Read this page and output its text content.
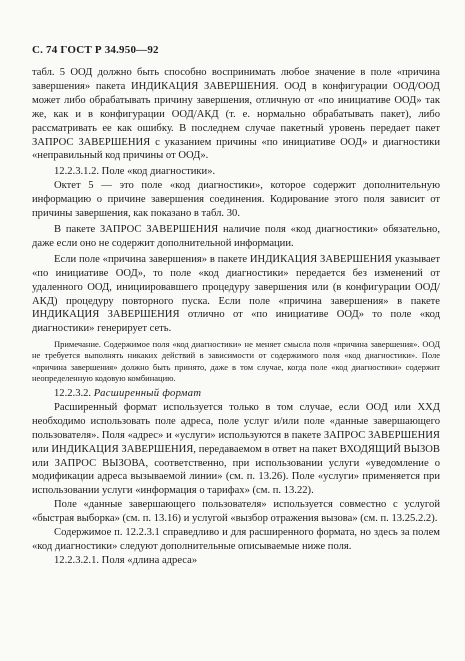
С. 74 ГОСТ Р 34.950—92

табл. 5 ООД должно быть способно воспринимать любое значение в поле «причина завершения» пакета ИНДИКАЦИЯ ЗАВЕРШЕНИЯ. ООД в конфигурации ООД/ООД может либо обрабатывать причину завершения, отличную от «по инициативе ООД» так же, как и в конфигурации ООД/АКД (т. е. нормально обрабатывать пакет), либо рассматривать ее как ошибку. В последнем случае пакетный уровень передает пакет ЗАПРОС ЗАВЕРШЕНИЯ с указанием причины «по инициативе ООД» и диагностики «неправильный код причины от ООД».

12.2.3.1.2. Поле «код диагностики».

Октет 5 — это поле «код диагностики», которое содержит дополнительную информацию о причине завершения соединения. Кодирование этого поля зависит от причины завершения, как показано в табл. 30.

В пакете ЗАПРОС ЗАВЕРШЕНИЯ наличие поля «код диагностики» обязательно, даже если оно не содержит дополнительной информации.

Если поле «причина завершения» в пакете ИНДИКАЦИЯ ЗАВЕРШЕНИЯ указывает «по инициативе ООД», то поле «код диагностики» передается без изменений от удаленного ООД, инициировавшего процедуру завершения или (в конфигурации ООД/АКД) процедуру повторного пуска. Если поле «причина завершения» в пакете ИНДИКАЦИЯ ЗАВЕРШЕНИЯ отлично от «по инициативе ООД» то поле «код диагностики» генерирует сеть.

Примечание. Содержимое поля «код диагностики» не меняет смысла поля «причина завершения». ООД не требуется выполнять никаких действий в зависимости от содержимого поля «код диагностики». Поле «причина завершения» должно быть принято, даже в том случае, когда поле «код диагностики» содержит неопределенную кодовую комбинацию.

12.2.3.2. Расширенный формат

Расширенный формат используется только в том случае, если ООД или ХХД необходимо использовать поле адреса, поле услуг и/или поле «данные завершающего пользователя». Поля «адрес» и «услуги» используются в пакете ЗАПРОС ЗАВЕРШЕНИЯ или ИНДИКАЦИЯ ЗАВЕРШЕНИЯ, передаваемом в ответ на пакет ВХОДЯЩИЙ ВЫЗОВ или ЗАПРОС ВЫЗОВА, соответственно, при использовании услуги «уведомление о модификации адреса вызываемой линии» (см. п. 13.26). Поле «услуги» применяется при использовании услуги «информация о тарифах» (см. п. 13.22).

Поле «данные завершающего пользователя» используется совместно с услугой «быстрая выборка» (см. п. 13.16) и услугой «вызбор отражения вызова» (см. п. 13.25.2.2).

Содержимое п. 12.2.3.1 справедливо и для расширенного формата, но здесь за полем «код диагностики» следуют дополнительные описываемые ниже поля.

12.2.3.2.1. Поля «длина адреса»
